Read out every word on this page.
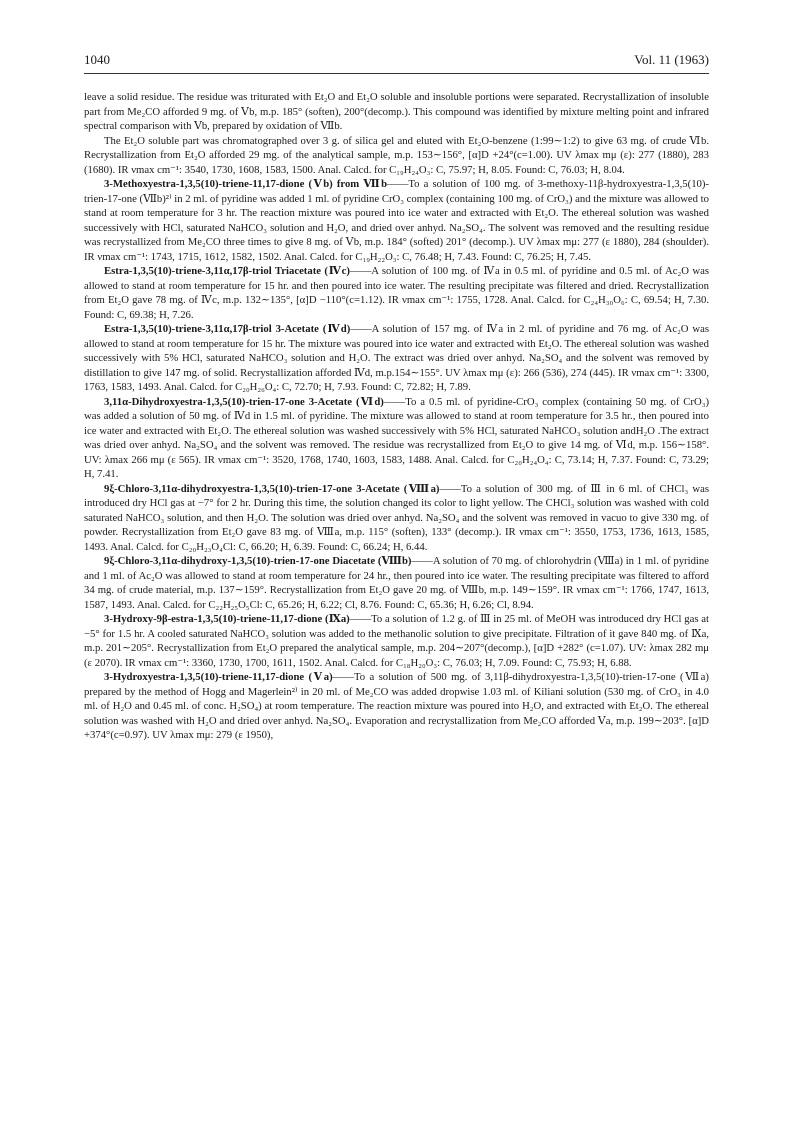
1040	Vol. 11 (1963)

leave a solid residue. The residue was triturated with Et₂O and Et₂O soluble and insoluble portions were separated. Recrystallization of insoluble part from Me₂CO afforded 9 mg. of Ⅴb, m.p. 185° (soften), 200°(decomp.). This compound was identified by mixture melting point and infrared spectral comparison with Ⅴb, prepared by oxidation of Ⅶb.

The Et₂O soluble part was chromatographed over 3 g. of silica gel and eluted with Et₂O-benzene (1:99∼1:2) to give 63 mg. of crude Ⅵb. Recrystallization from Et₂O afforded 29 mg. of the analytical sample, m.p. 153∼156°, [α]D +24°(c=1.00). UV λmax mμ (ε): 277 (1880), 283 (1680). IR νmax cm⁻¹: 3540, 1730, 1608, 1583, 1500. Anal. Calcd. for C₁₉H₂₄O₃: C, 75.97; H, 8.05. Found: C, 76.03; H, 8.04.

3-Methoxyestra-1,3,5(10)-triene-11,17-dione (Ⅴb) from Ⅶb——To a solution of 100 mg. of 3-methoxy-11β-hydroxyestra-1,3,5(10)-trien-17-one (Ⅶb)²⁾ in 2 ml. of pyridine was added 1 ml. of pyridine CrO₃ complex (containing 100 mg. of CrO₃) and the mixture was allowed to stand at room temperature for 3 hr. The reaction mixture was poured into ice water and extracted with Et₂O. The ethereal solution was washed successively with HCl, saturated NaHCO₃ solution and H₂O, and dried over anhyd. Na₂SO₄. The solvent was removed and the resulting residue was recrystallized from Me₂CO three times to give 8 mg. of Ⅴb, m.p. 184° (softed) 201° (decomp.). UV λmax mμ: 277 (ε 1880), 284 (shoulder). IR νmax cm⁻¹: 1743, 1715, 1612, 1582, 1502. Anal. Calcd. for C₁₉H₂₂O₃: C, 76.48; H, 7.43. Found: C, 76.25; H, 7.45.

Estra-1,3,5(10)-triene-3,11α,17β-triol Triacetate (Ⅳc)——A solution of 100 mg. of Ⅳa in 0.5 ml. of pyridine and 0.5 ml. of Ac₂O was allowed to stand at room temperature for 15 hr. and then poured into ice water. The resulting precipitate was filtered and dried. Recrystallization from Et₂O gave 78 mg. of Ⅳc, m.p. 132∼135°, [α]D −110°(c=1.12). IR νmax cm⁻¹: 1755, 1728. Anal. Calcd. for C₂₄H₃₀O₆: C, 69.54; H, 7.30. Found: C, 69.38; H, 7.26.

Estra-1,3,5(10)-triene-3,11α,17β-triol 3-Acetate (Ⅳd)——A solution of 157 mg. of Ⅳa in 2 ml. of pyridine and 76 mg. of Ac₂O was allowed to stand at room temperature for 15 hr. The mixture was poured into ice water and extracted with Et₂O. The ethereal solution was washed successively with 5% HCl, saturated NaHCO₃ solution and H₂O. The extract was dried over anhyd. Na₂SO₄ and the solvent was removed by distillation to give 147 mg. of solid. Recrystallization afforded Ⅳd, m.p.154∼155°. UV λmax mμ (ε): 266 (536), 274 (445). IR νmax cm⁻¹: 3300, 1763, 1583, 1493. Anal. Calcd. for C₂₀H₂₆O₄: C, 72.70; H, 7.93. Found: C, 72.82; H, 7.89.

3,11α-Dihydroxyestra-1,3,5(10)-trien-17-one 3-Acetate (Ⅵd)——To a 0.5 ml. of pyridine-CrO₃ complex (containing 50 mg. of CrO₃) was added a solution of 50 mg. of Ⅳd in 1.5 ml. of pyridine. The mixture was allowed to stand at room temperature for 3.5 hr., then poured into ice water and extracted with Et₂O. The ethereal solution was washed successively with 5% HCl, saturated NaHCO₃ solution andH₂O .The extract was dried over anhyd. Na₂SO₄ and the solvent was removed. The residue was recrystallized from Et₂O to give 14 mg. of Ⅵd, m.p. 156∼158°. UV: λmax 266 mμ (ε 565). IR νmax cm⁻¹: 3520, 1768, 1740, 1603, 1583, 1488. Anal. Calcd. for C₂₀H₂₄O₄: C, 73.14; H, 7.37. Found: C, 73.29; H, 7.41.

9ξ-Chloro-3,11α-dihydroxyestra-1,3,5(10)-trien-17-one 3-Acetate (Ⅷa)——To a solution of 300 mg. of Ⅲ in 6 ml. of CHCl₃ was introduced dry HCl gas at −7° for 2 hr. During this time, the solution changed its color to light yellow. The CHCl₃ solution was washed with cold saturated NaHCO₃ solution, and then H₂O. The solution was dried over anhyd. Na₂SO₄ and the solvent was removed in vacuo to give 330 mg. of powder. Recrystallization from Et₂O gave 83 mg. of Ⅷa, m.p. 115° (soften), 133° (decomp.). IR νmax cm⁻¹: 3550, 1753, 1736, 1613, 1585, 1493. Anal. Calcd. for C₂₀H₂₃O₄Cl: C, 66.20; H, 6.39. Found: C, 66.24; H, 6.44.

9ξ-Chloro-3,11α-dihydroxy-1,3,5(10)-trien-17-one Diacetate (Ⅷb)——A solution of 70 mg. of chlorohydrin (Ⅷa) in 1 ml. of pyridine and 1 ml. of Ac₂O was allowed to stand at room temperature for 24 hr., then poured into ice water. The resulting precipitate was filtered to afford 34 mg. of crude material, m.p. 137∼159°. Recrystallization from Et₂O gave 20 mg. of Ⅷb, m.p. 149∼159°. IR νmax cm⁻¹: 1766, 1747, 1613, 1587, 1493. Anal. Calcd. for C₂₂H₂₅O₅Cl: C, 65.26; H, 6.22; Cl, 8.76. Found: C, 65.36; H, 6.26; Cl, 8.94.

3-Hydroxy-9β-estra-1,3,5(10)-triene-11,17-dione (Ⅸa)——To a solution of 1.2 g. of Ⅲ in 25 ml. of MeOH was introduced dry HCl gas at −5° for 1.5 hr. A cooled saturated NaHCO₃ solution was added to the methanolic solution to give precipitate. Filtration of it gave 840 mg. of Ⅸa, m.p. 201∼205°. Recrystallization from Et₂O prepared the analytical sample, m.p. 204∼207°(decomp.), [α]D +282° (c=1.07). UV: λmax 282 mμ (ε 2070). IR νmax cm⁻¹: 3360, 1730, 1700, 1611, 1502. Anal. Calcd. for C₁₈H₂₀O₃: C, 76.03; H, 7.09. Found: C, 75.93; H, 6.88.

3-Hydroxyestra-1,3,5(10)-triene-11,17-dione (Ⅴa)——To a solution of 500 mg. of 3,11β-dihydroxyestra-1,3,5(10)-trien-17-one (Ⅶa) prepared by the method of Hogg and Magerlein²⁾ in 20 ml. of Me₂CO was added dropwise 1.03 ml. of Kiliani solution (530 mg. of CrO₃ in 4.0 ml. of H₂O and 0.45 ml. of conc. H₂SO₄) at room temperature. The reaction mixture was poured into H₂O, and extracted with Et₂O. The ethereal solution was washed with H₂O and dried over anhyd. Na₂SO₄. Evaporation and recrystallization from Me₂CO afforded Ⅴa, m.p. 199∼203°. [α]D +374°(c=0.97). UV λmax mμ: 279 (ε 1950),
